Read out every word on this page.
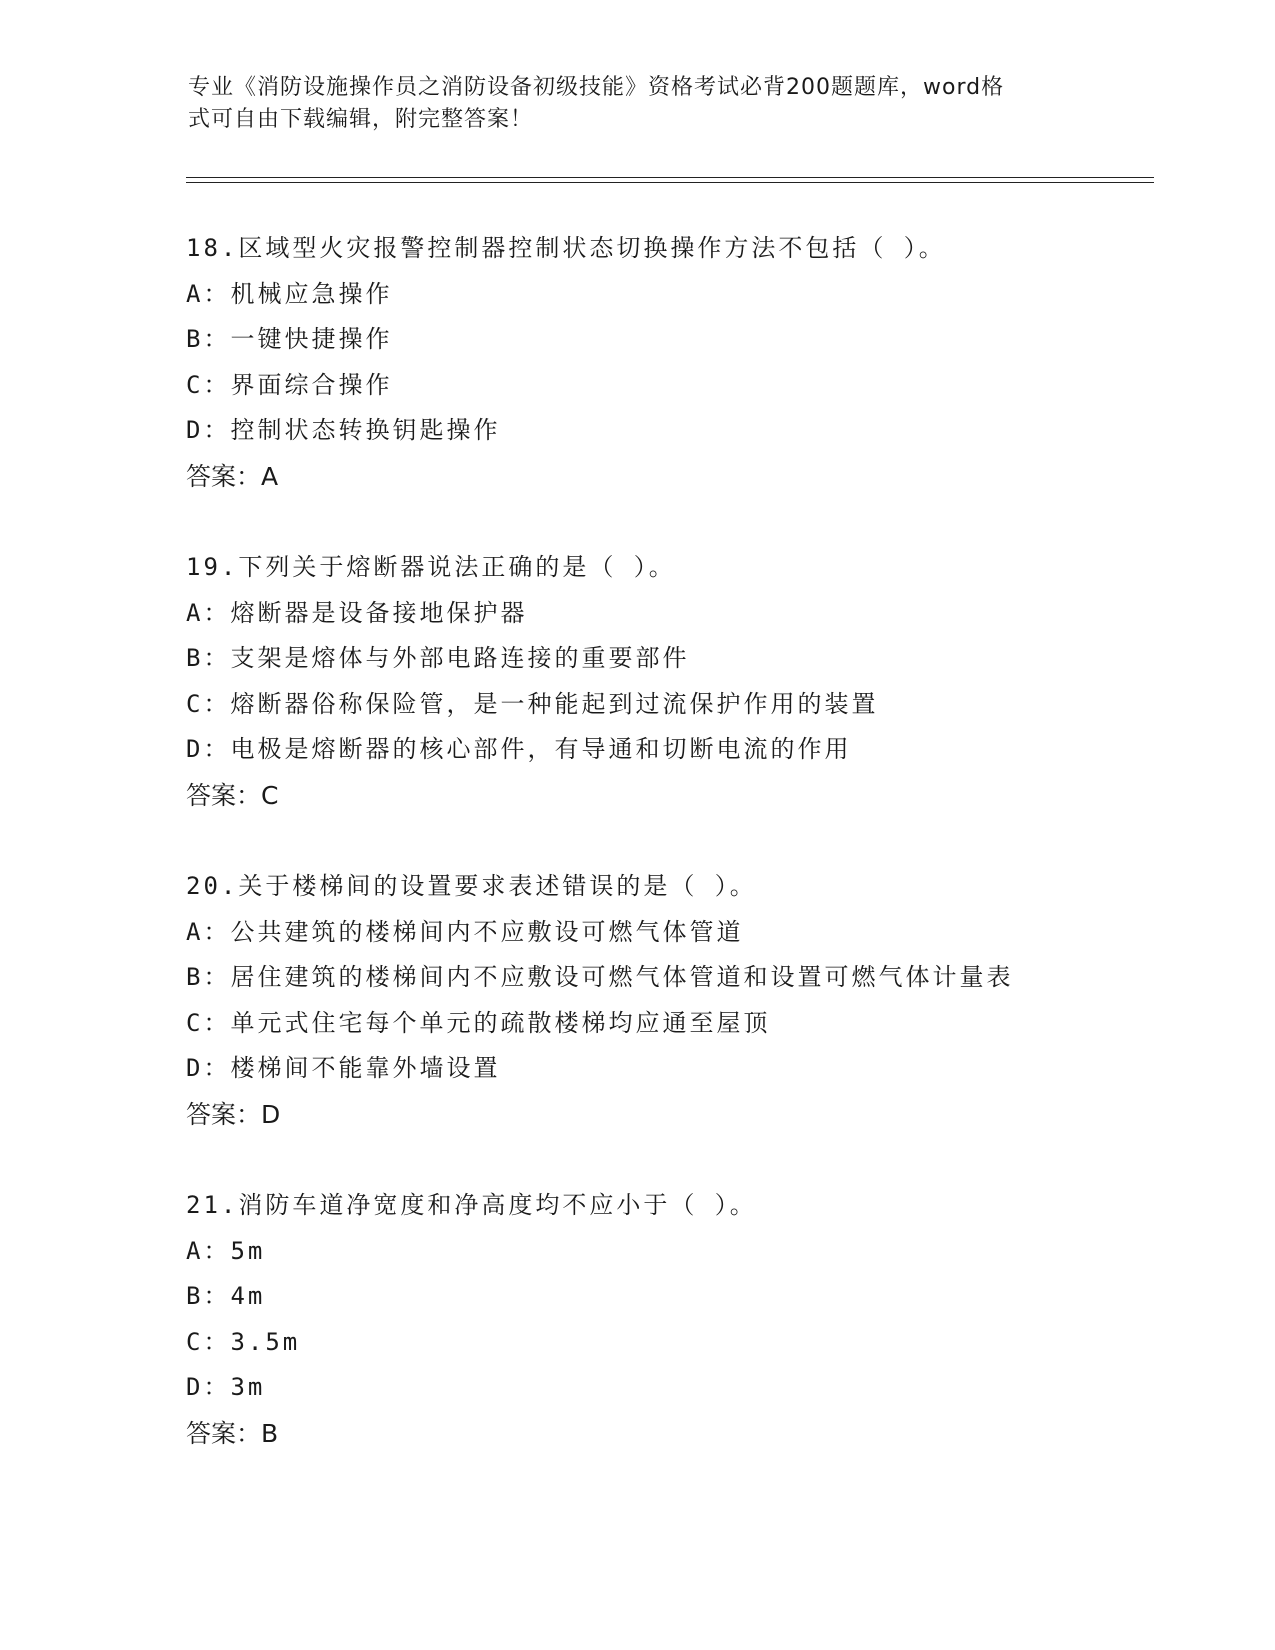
专业《消防设施操作员之消防设备初级技能》资格考试必背200题题库，word格
式可自由下载编辑，附完整答案！
18.区域型火灾报警控制器控制状态切换操作方法不包括（ ）。
A：机械应急操作
B：一键快捷操作
C：界面综合操作
D：控制状态转换钥匙操作
答案：A
19.下列关于熔断器说法正确的是（ ）。
A：熔断器是设备接地保护器
B：支架是熔体与外部电路连接的重要部件
C：熔断器俗称保险管，是一种能起到过流保护作用的装置
D：电极是熔断器的核心部件，有导通和切断电流的作用
答案：C
20.关于楼梯间的设置要求表述错误的是（ ）。
A：公共建筑的楼梯间内不应敷设可燃气体管道
B：居住建筑的楼梯间内不应敷设可燃气体管道和设置可燃气体计量表
C：单元式住宅每个单元的疏散楼梯均应通至屋顶
D：楼梯间不能靠外墙设置
答案：D
21.消防车道净宽度和净高度均不应小于（ ）。
A：5m
B：4m
C：3.5m
D：3m
答案：B
